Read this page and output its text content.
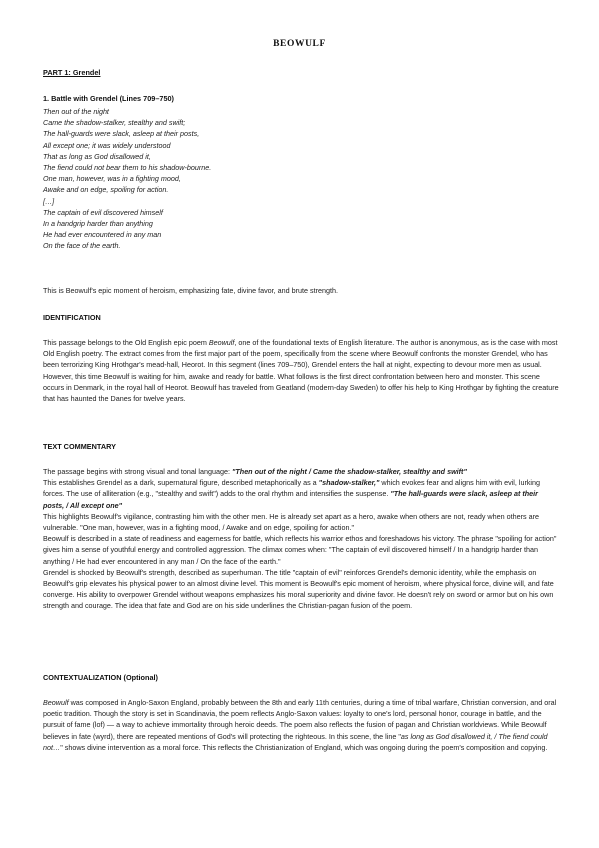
BEOWULF
PART 1: Grendel
1. Battle with Grendel (Lines 709–750)
Then out of the night
Came the shadow-stalker, stealthy and swift;
The hall-guards were slack, asleep at their posts,
All except one; it was widely understood
That as long as God disallowed it,
The fiend could not bear them to his shadow-bourne.
One man, however, was in a fighting mood,
Awake and on edge, spoiling for action.
[…]
The captain of evil discovered himself
In a handgrip harder than anything
He had ever encountered in any man
On the face of the earth.
This is Beowulf's epic moment of heroism, emphasizing fate, divine favor, and brute strength.
IDENTIFICATION
This passage belongs to the Old English epic poem Beowulf, one of the foundational texts of English literature. The author is anonymous, as is the case with most Old English poetry. The extract comes from the first major part of the poem, specifically from the scene where Beowulf confronts the monster Grendel, who has been terrorizing King Hrothgar's mead-hall, Heorot. In this segment (lines 709–750), Grendel enters the hall at night, expecting to devour more men as usual. However, this time Beowulf is waiting for him, awake and ready for battle. What follows is the first direct confrontation between hero and monster. This scene occurs in Denmark, in the royal hall of Heorot. Beowulf has traveled from Geatland (modern-day Sweden) to offer his help to King Hrothgar by fighting the creature that has haunted the Danes for twelve years.
TEXT COMMENTARY

The passage begins with strong visual and tonal language: "Then out of the night / Came the shadow-stalker, stealthy and swift"

This establishes Grendel as a dark, supernatural figure, described metaphorically as a "shadow-stalker," which evokes fear and aligns him with evil, lurking forces. The use of alliteration (e.g., "stealthy and swift") adds to the oral rhythm and intensifies the suspense. "The hall-guards were slack, asleep at their posts, / All except one"

This highlights Beowulf's vigilance, contrasting him with the other men. He is already set apart as a hero, awake when others are not, ready when others are vulnerable. "One man, however, was in a fighting mood, / Awake and on edge, spoiling for action."

Beowulf is described in a state of readiness and eagerness for battle, which reflects his warrior ethos and foreshadows his victory. The phrase "spoiling for action" gives him a sense of youthful energy and controlled aggression. The climax comes when: "The captain of evil discovered himself / In a handgrip harder than anything / He had ever encountered in any man / On the face of the earth."

Grendel is shocked by Beowulf's strength, described as superhuman. The title "captain of evil" reinforces Grendel's demonic identity, while the emphasis on Beowulf's grip elevates his physical power to an almost divine level. This moment is Beowulf's epic moment of heroism, where physical force, divine will, and fate converge. His ability to overpower Grendel without weapons emphasizes his moral superiority and divine favor. He doesn't rely on sword or armor but on his own strength and courage. The idea that fate and God are on his side underlines the Christian-pagan fusion of the poem.

CONTEXTUALIZATION (Optional)
Beowulf was composed in Anglo-Saxon England, probably between the 8th and early 11th centuries, during a time of tribal warfare, Christian conversion, and oral poetic tradition. Though the story is set in Scandinavia, the poem reflects Anglo-Saxon values: loyalty to one's lord, personal honor, courage in battle, and the pursuit of fame (lof) — a way to achieve immortality through heroic deeds. The poem also reflects the fusion of pagan and Christian worldviews. While Beowulf believes in fate (wyrd), there are repeated mentions of God's will protecting the righteous. In this scene, the line "as long as God disallowed it, / The fiend could not…" shows divine intervention as a moral force. This reflects the Christianization of England, which was ongoing during the poem's composition and copying.
